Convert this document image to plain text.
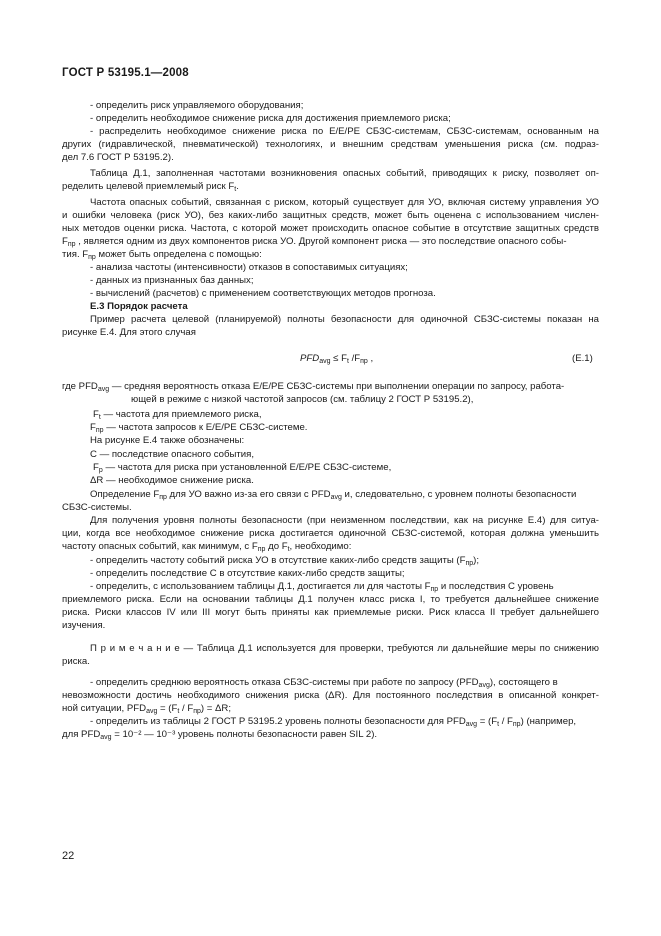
ГОСТ Р 53195.1—2008
- определить риск управляемого оборудования;
- определить необходимое снижение риска для достижения приемлемого риска;
- распределить необходимое снижение риска по Е/Е/РЕ СБЗС-системам, СБЗС-системам, основанным на
других (гидравлической, пневматической) технологиях, и внешним средствам уменьшения риска (см. подраз-
дел 7.6 ГОСТ Р 53195.2).
Таблица Д.1, заполненная частотами возникновения опасных событий, приводящих к риску, позволяет оп-
ределить целевой приемлемый риск $F_t$.
Частота опасных событий, связанная с риском, который существует для УО, включая систему управления УО
и ошибки человека (риск УО), без каких-либо защитных средств, может быть оценена с использованием числен-
ных методов оценки риска. Частота, с которой может происходить опасное событие в отсутствие защитных средств
$F_{пр}$ , является одним из двух компонентов риска УО. Другой компонент риска — это последствие опасного собы-
тия. $F_{пр}$ может быть определена с помощью:
- анализа частоты (интенсивности) отказов в сопоставимых ситуациях;
- данных из признанных баз данных;
- вычислений (расчетов) с применением соответствующих методов прогноза.
Е.3 Порядок расчета
Пример расчета целевой (планируемой) полноты безопасности для одиночной СБЗС-системы показан на
рисунке Е.4. Для этого случая
где $PFD_{avg}$ — средняя вероятность отказа Е/Е/РЕ СБЗС-системы при выполнении операции по запросу, работа-
ющей в режиме с низкой частотой запросов (см. таблицу 2 ГОСТ Р 53195.2),
$F_t$ — частота для приемлемого риска,
$F_{пр}$ — частота запросов к Е/Е/РЕ СБЗС-системе.
На рисунке Е.4 также обозначены:
C — последствие опасного события,
$F_p$ — частота для риска при установленной Е/Е/РЕ СБЗС-системе,
ΔR — необходимое снижение риска.
Определение $F_{пр}$ для УО важно из-за его связи с $PFD_{avg}$ и, следовательно, с уровнем полноты безопасности
СБЗС-системы.
Для получения уровня полноты безопасности (при неизменном последствии, как на рисунке Е.4) для ситуа-
ции, когда все необходимое снижение риска достигается одиночной СБЗС-системой, которая должна уменьшить
частоту опасных событий, как минимум, с $F_{пр}$ до $F_t$, необходимо:
- определить частоту событий риска УО в отсутствие каких-либо средств защиты $(F_{пр})$;
- определить последствие C в отсутствие каких-либо средств защиты;
- определить, с использованием таблицы Д.1, достигается ли для частоты $F_{пр}$ и последствия C уровень
приемлемого риска. Если на основании таблицы Д.1 получен класс риска I, то требуется дальнейшее снижение
риска. Риски классов IV или III могут быть приняты как приемлемые риски. Риск класса II требует дальнейшего
изучения.
П р и м е ч а н и е — Таблица Д.1 используется для проверки, требуются ли дальнейшие меры по снижению
риска.
- определить среднюю вероятность отказа СБЗС-системы при работе по запросу $(PFD_{avg})$, состоящего в
невозможности достичь необходимого снижения риска (ΔR). Для постоянного последствия в описанной конкрет-
ной ситуации, $PFD_{avg} = (F_t / F_{пр}) = \Delta R$;
- определить из таблицы 2 ГОСТ Р 53195.2 уровень полноты безопасности для $PFD_{avg} = (F_t / F_{пр})$ (например,
для $PFD_{avg} = 10^{-2}$ — 10⁻³ уровень полноты безопасности равен SIL 2).
$PFD_{avg} \le F_t$ $/F_{пр}$ ,	(Е.1)
22
